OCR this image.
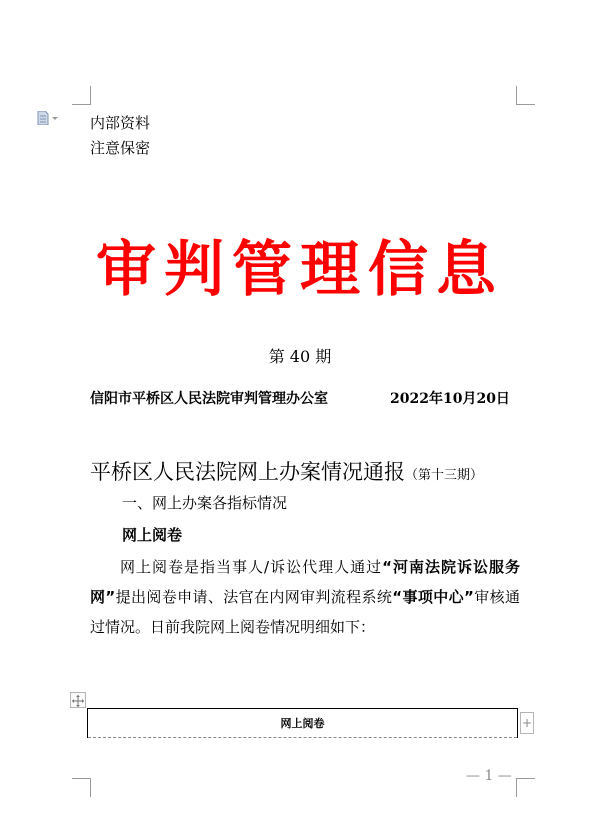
内部资料
注意保密
审判管理信息
第 40 期
信阳市平桥区人民法院审判管理办公室	2022年10月20日
平桥区人民法院网上办案情况通报（第十三期）
一、网上办案各指标情况
网上阅卷
网上阅卷是指当事人/诉讼代理人通过“河南法院诉讼服务网”提出阅卷申请、法官在内网审判流程系统“事项中心”审核通过情况。日前我院网上阅卷情况明细如下：
网上阅卷	+
— 1 —
